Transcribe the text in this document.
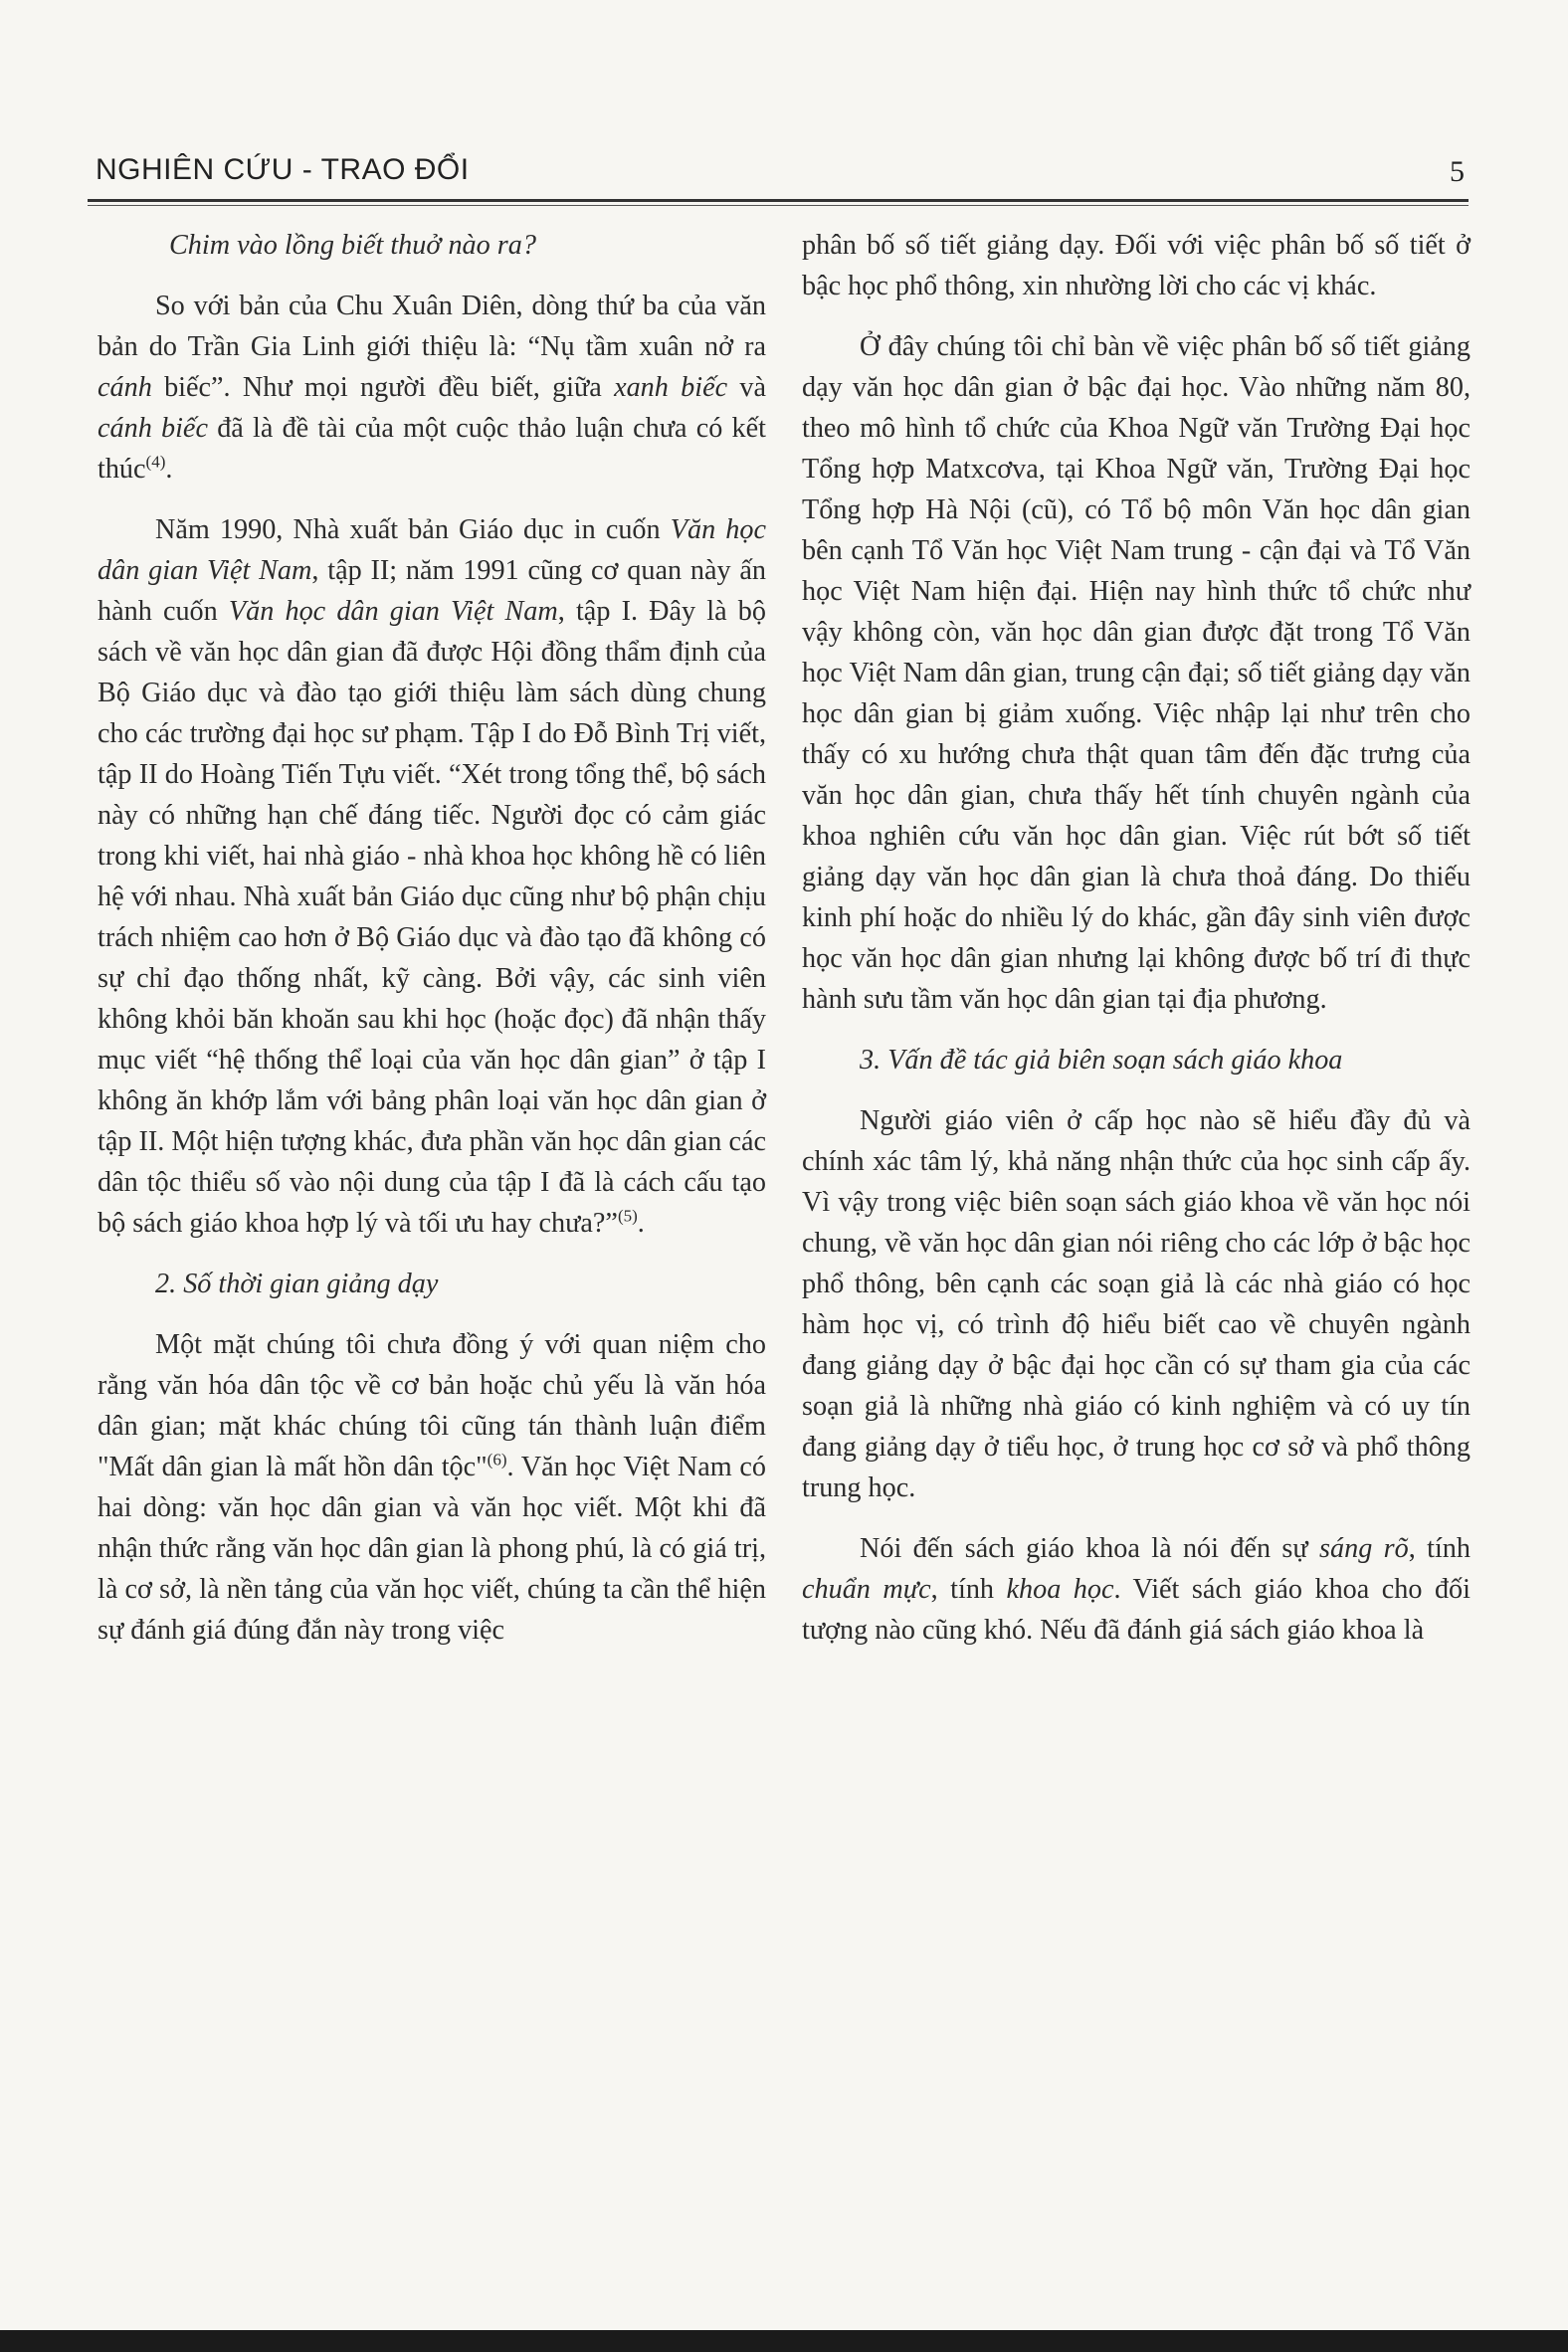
NGHIÊN CỨU - TRAO ĐỔI	5

Chim vào lồng biết thuở nào ra?

So với bản của Chu Xuân Diên, dòng thứ ba của văn bản do Trần Gia Linh giới thiệu là: “Nụ tầm xuân nở ra cánh biếc”. Như mọi người đều biết, giữa xanh biếc và cánh biếc đã là đề tài của một cuộc thảo luận chưa có kết thúc$^{(4)}$.

Năm 1990, Nhà xuất bản Giáo dục in cuốn Văn học dân gian Việt Nam, tập II; năm 1991 cũng cơ quan này ấn hành cuốn Văn học dân gian Việt Nam, tập I. Đây là bộ sách về văn học dân gian đã được Hội đồng thẩm định của Bộ Giáo dục và đào tạo giới thiệu làm sách dùng chung cho các trường đại học sư phạm. Tập I do Đỗ Bình Trị viết, tập II do Hoàng Tiến Tựu viết. “Xét trong tổng thể, bộ sách này có những hạn chế đáng tiếc. Người đọc có cảm giác trong khi viết, hai nhà giáo - nhà khoa học không hề có liên hệ với nhau. Nhà xuất bản Giáo dục cũng như bộ phận chịu trách nhiệm cao hơn ở Bộ Giáo dục và đào tạo đã không có sự chỉ đạo thống nhất, kỹ càng. Bởi vậy, các sinh viên không khỏi băn khoăn sau khi học (hoặc đọc) đã nhận thấy mục viết “hệ thống thể loại của văn học dân gian” ở tập I không ăn khớp lắm với bảng phân loại văn học dân gian ở tập II. Một hiện tượng khác, đưa phần văn học dân gian các dân tộc thiểu số vào nội dung của tập I đã là cách cấu tạo bộ sách giáo khoa hợp lý và tối ưu hay chưa?”$^{(5)}$.

2. Số thời gian giảng dạy

Một mặt chúng tôi chưa đồng ý với quan niệm cho rằng văn hóa dân tộc về cơ bản hoặc chủ yếu là văn hóa dân gian; mặt khác chúng tôi cũng tán thành luận điểm "Mất dân gian là mất hồn dân tộc"$^{(6)}$. Văn học Việt Nam có hai dòng: văn học dân gian và văn học viết. Một khi đã nhận thức rằng văn học dân gian là phong phú, là có giá trị, là cơ sở, là nền tảng của văn học viết, chúng ta cần thể hiện sự đánh giá đúng đắn này trong việc

phân bố số tiết giảng dạy. Đối với việc phân bố số tiết ở bậc học phổ thông, xin nhường lời cho các vị khác.

Ở đây chúng tôi chỉ bàn về việc phân bố số tiết giảng dạy văn học dân gian ở bậc đại học. Vào những năm 80, theo mô hình tổ chức của Khoa Ngữ văn Trường Đại học Tổng hợp Matxcơva, tại Khoa Ngữ văn, Trường Đại học Tổng hợp Hà Nội (cũ), có Tổ bộ môn Văn học dân gian bên cạnh Tổ Văn học Việt Nam trung - cận đại và Tổ Văn học Việt Nam hiện đại. Hiện nay hình thức tổ chức như vậy không còn, văn học dân gian được đặt trong Tổ Văn học Việt Nam dân gian, trung cận đại; số tiết giảng dạy văn học dân gian bị giảm xuống. Việc nhập lại như trên cho thấy có xu hướng chưa thật quan tâm đến đặc trưng của văn học dân gian, chưa thấy hết tính chuyên ngành của khoa nghiên cứu văn học dân gian. Việc rút bớt số tiết giảng dạy văn học dân gian là chưa thoả đáng. Do thiếu kinh phí hoặc do nhiều lý do khác, gần đây sinh viên được học văn học dân gian nhưng lại không được bố trí đi thực hành sưu tầm văn học dân gian tại địa phương.

3. Vấn đề tác giả biên soạn sách giáo khoa

Người giáo viên ở cấp học nào sẽ hiểu đầy đủ và chính xác tâm lý, khả năng nhận thức của học sinh cấp ấy. Vì vậy trong việc biên soạn sách giáo khoa về văn học nói chung, về văn học dân gian nói riêng cho các lớp ở bậc học phổ thông, bên cạnh các soạn giả là các nhà giáo có học hàm học vị, có trình độ hiểu biết cao về chuyên ngành đang giảng dạy ở bậc đại học cần có sự tham gia của các soạn giả là những nhà giáo có kinh nghiệm và có uy tín đang giảng dạy ở tiểu học, ở trung học cơ sở và phổ thông trung học.

Nói đến sách giáo khoa là nói đến sự sáng rõ, tính chuẩn mực, tính khoa học. Viết sách giáo khoa cho đối tượng nào cũng khó. Nếu đã đánh giá sách giáo khoa là
